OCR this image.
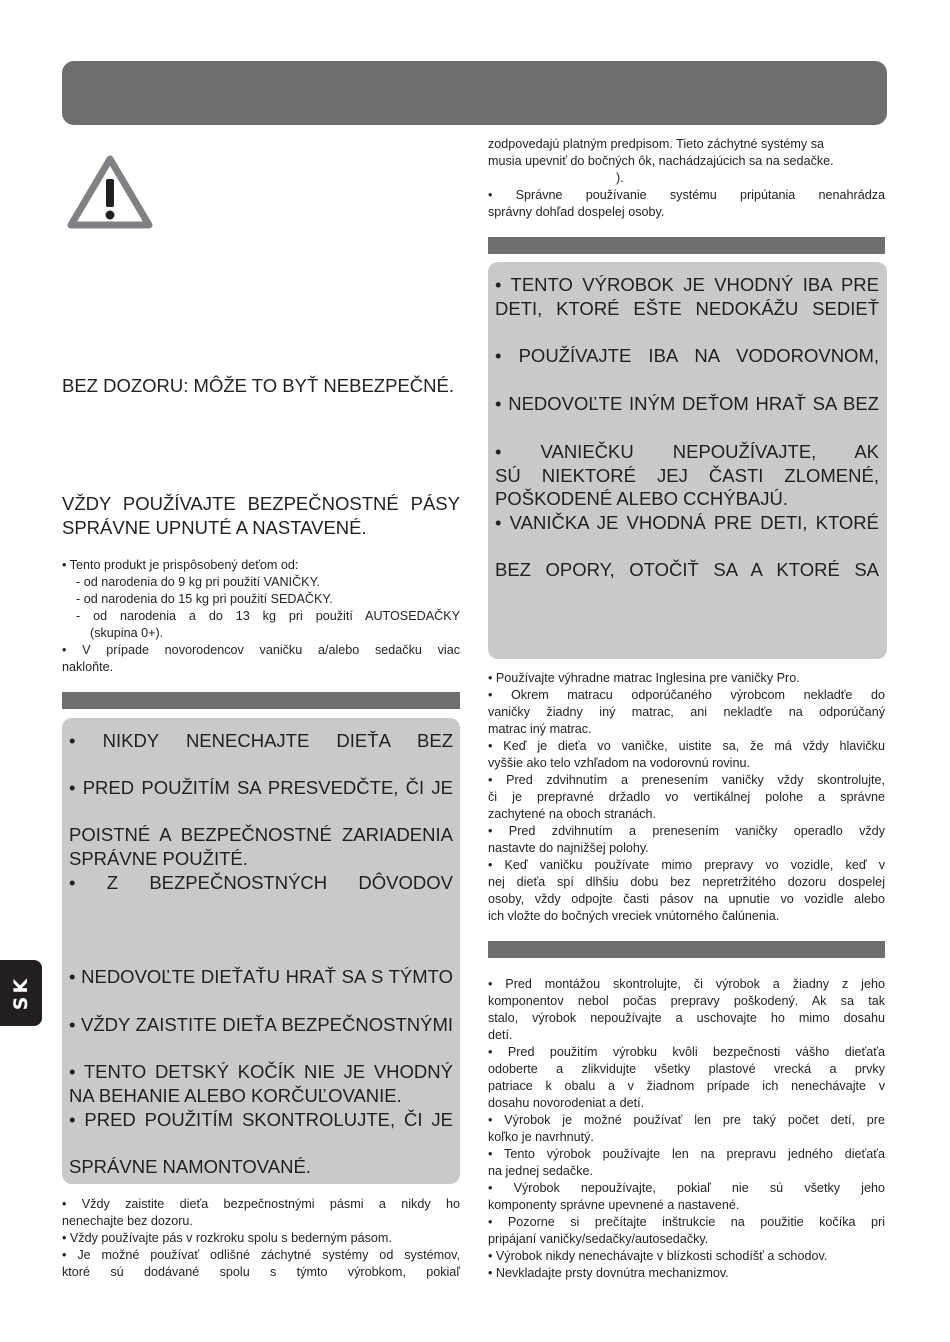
BEZ DOZORU: MÔŽE TO BYŤ NEBEZPEČNÉ.
VŽDY POUŽÍVAJTE BEZPEČNOSTNÉ PÁSY
SPRÁVNE UPNUTÉ A NASTAVENÉ.

• Tento produkt je prispôsobený deťom od:

- od narodenia do 9 kg pri použití VANIČKY.

- od narodenia do 15 kg pri použití SEDAČKY.

- od narodenia a do 13 kg pri použití AUTOSEDAČKY

(skupina 0+).

• V prípade novorodencov vaničku a/alebo sedačku viac

nakloňte.

• NIKDY NENECHAJTE DIEŤA BEZ
• PRED POUŽITÍM SA PRESVEDČTE, ČI JE
POISTNÉ A BEZPEČNOSTNÉ ZARIADENIA
SPRÁVNE POUŽITÉ.
• Z BEZPEČNOSTNÝCH DÔVODOV
• NEDOVOĽTE DIEŤAŤU HRAŤ SA S TÝMTO
• VŽDY ZAISTITE DIEŤA BEZPEČNOSTNÝMI
• TENTO DETSKÝ KOČÍK NIE JE VHODNÝ
NA BEHANIE ALEBO KORČUĽOVANIE.
• PRED POUŽITÍM SKONTROLUJTE, ČI JE
SPRÁVNE NAMONTOVANÉ.

• Vždy zaistite dieťa bezpečnostnými pásmi a nikdy ho

nenechajte bez dozoru.

• Vždy používajte pás v rozkroku spolu s bederným pásom.

• Je možné používať odlišné záchytné systémy od systémov,

ktoré sú dodávané spolu s týmto výrobkom, pokiaľ

zodpovedajú platným predpisom. Tieto záchytné systémy sa

musia upevniť do bočných ôk, nachádzajúcich sa na sedačke.

).

• Správne používanie systému pripútania nenahrádza

správny dohľad dospelej osoby.

• TENTO VÝROBOK JE VHODNÝ IBA PRE
DETI, KTORÉ EŠTE NEDOKÁŽU SEDIEŤ
• POUŽÍVAJTE IBA NA VODOROVNOM,
• NEDOVOĽTE INÝM DEŤOM HRAŤ SA BEZ
• VANIEČKU NEPOUŽÍVAJTE, AK
SÚ NIEKTORÉ JEJ ČASTI ZLOMENÉ,
POŠKODENÉ ALEBO CCHÝBAJÚ.
• VANIČKA JE VHODNÁ PRE DETI, KTORÉ
BEZ OPORY, OTOČIŤ SA A KTORÉ SA

• Používajte výhradne matrac Inglesina pre vaničky Pro.

• Okrem matracu odporúčaného výrobcom nekladťe do

vaničky žiadny iný matrac, ani nekladťe na odporúčaný

matrac iný matrac.

• Keď je dieťa vo vaničke, uistite sa, že má vždy hlavičku

vyššie ako telo vzhľadom na vodorovnú rovinu.

• Pred zdvihnutím a prenesením vaničky vždy skontrolujte,

či je prepravné držadlo vo vertikálnej polohe a správne

zachytené na oboch stranách.

• Pred zdvihnutím a prenesením vaničky operadlo vždy

nastavte do najnižšej polohy.

• Keď vaničku používate mimo prepravy vo vozidle, keď v

nej dieťa spí dlhšiu dobu bez nepretržitého dozoru dospelej

osoby, vždy odpojte časti pásov na upnutie vo vozidle alebo

ich vložte do bočných vreciek vnútorného čalúnenia.

• Pred montážou skontrolujte, či výrobok a žiadny z jeho

komponentov nebol počas prepravy poškodený. Ak sa tak

stalo, výrobok nepoužívajte a uschovajte ho mimo dosahu

detí.

• Pred použitím výrobku kvôli bezpečnosti vášho dieťaťa

odoberte a zlikvidujte všetky plastové vrecká a prvky

patriace k obalu a v žiadnom prípade ich nenechávajte v

dosahu novorodeniat a detí.

• Výrobok je možné používať len pre taký počet detí, pre

koľko je navrhnutý.

• Tento výrobok používajte len na prepravu jedného dieťaťa

na jednej sedačke.

• Výrobok nepoužívajte, pokiaľ nie sú všetky jeho

komponenty správne upevnené a nastavené.

• Pozorne si prečítajte inštrukcie na použitie kočíka pri

pripájaní vaničky/sedačky/autosedačky.

• Výrobok nikdy nenechávajte v blízkosti schodíšť a schodov.

• Nevkladajte prsty dovnútra mechanizmov.

SK
